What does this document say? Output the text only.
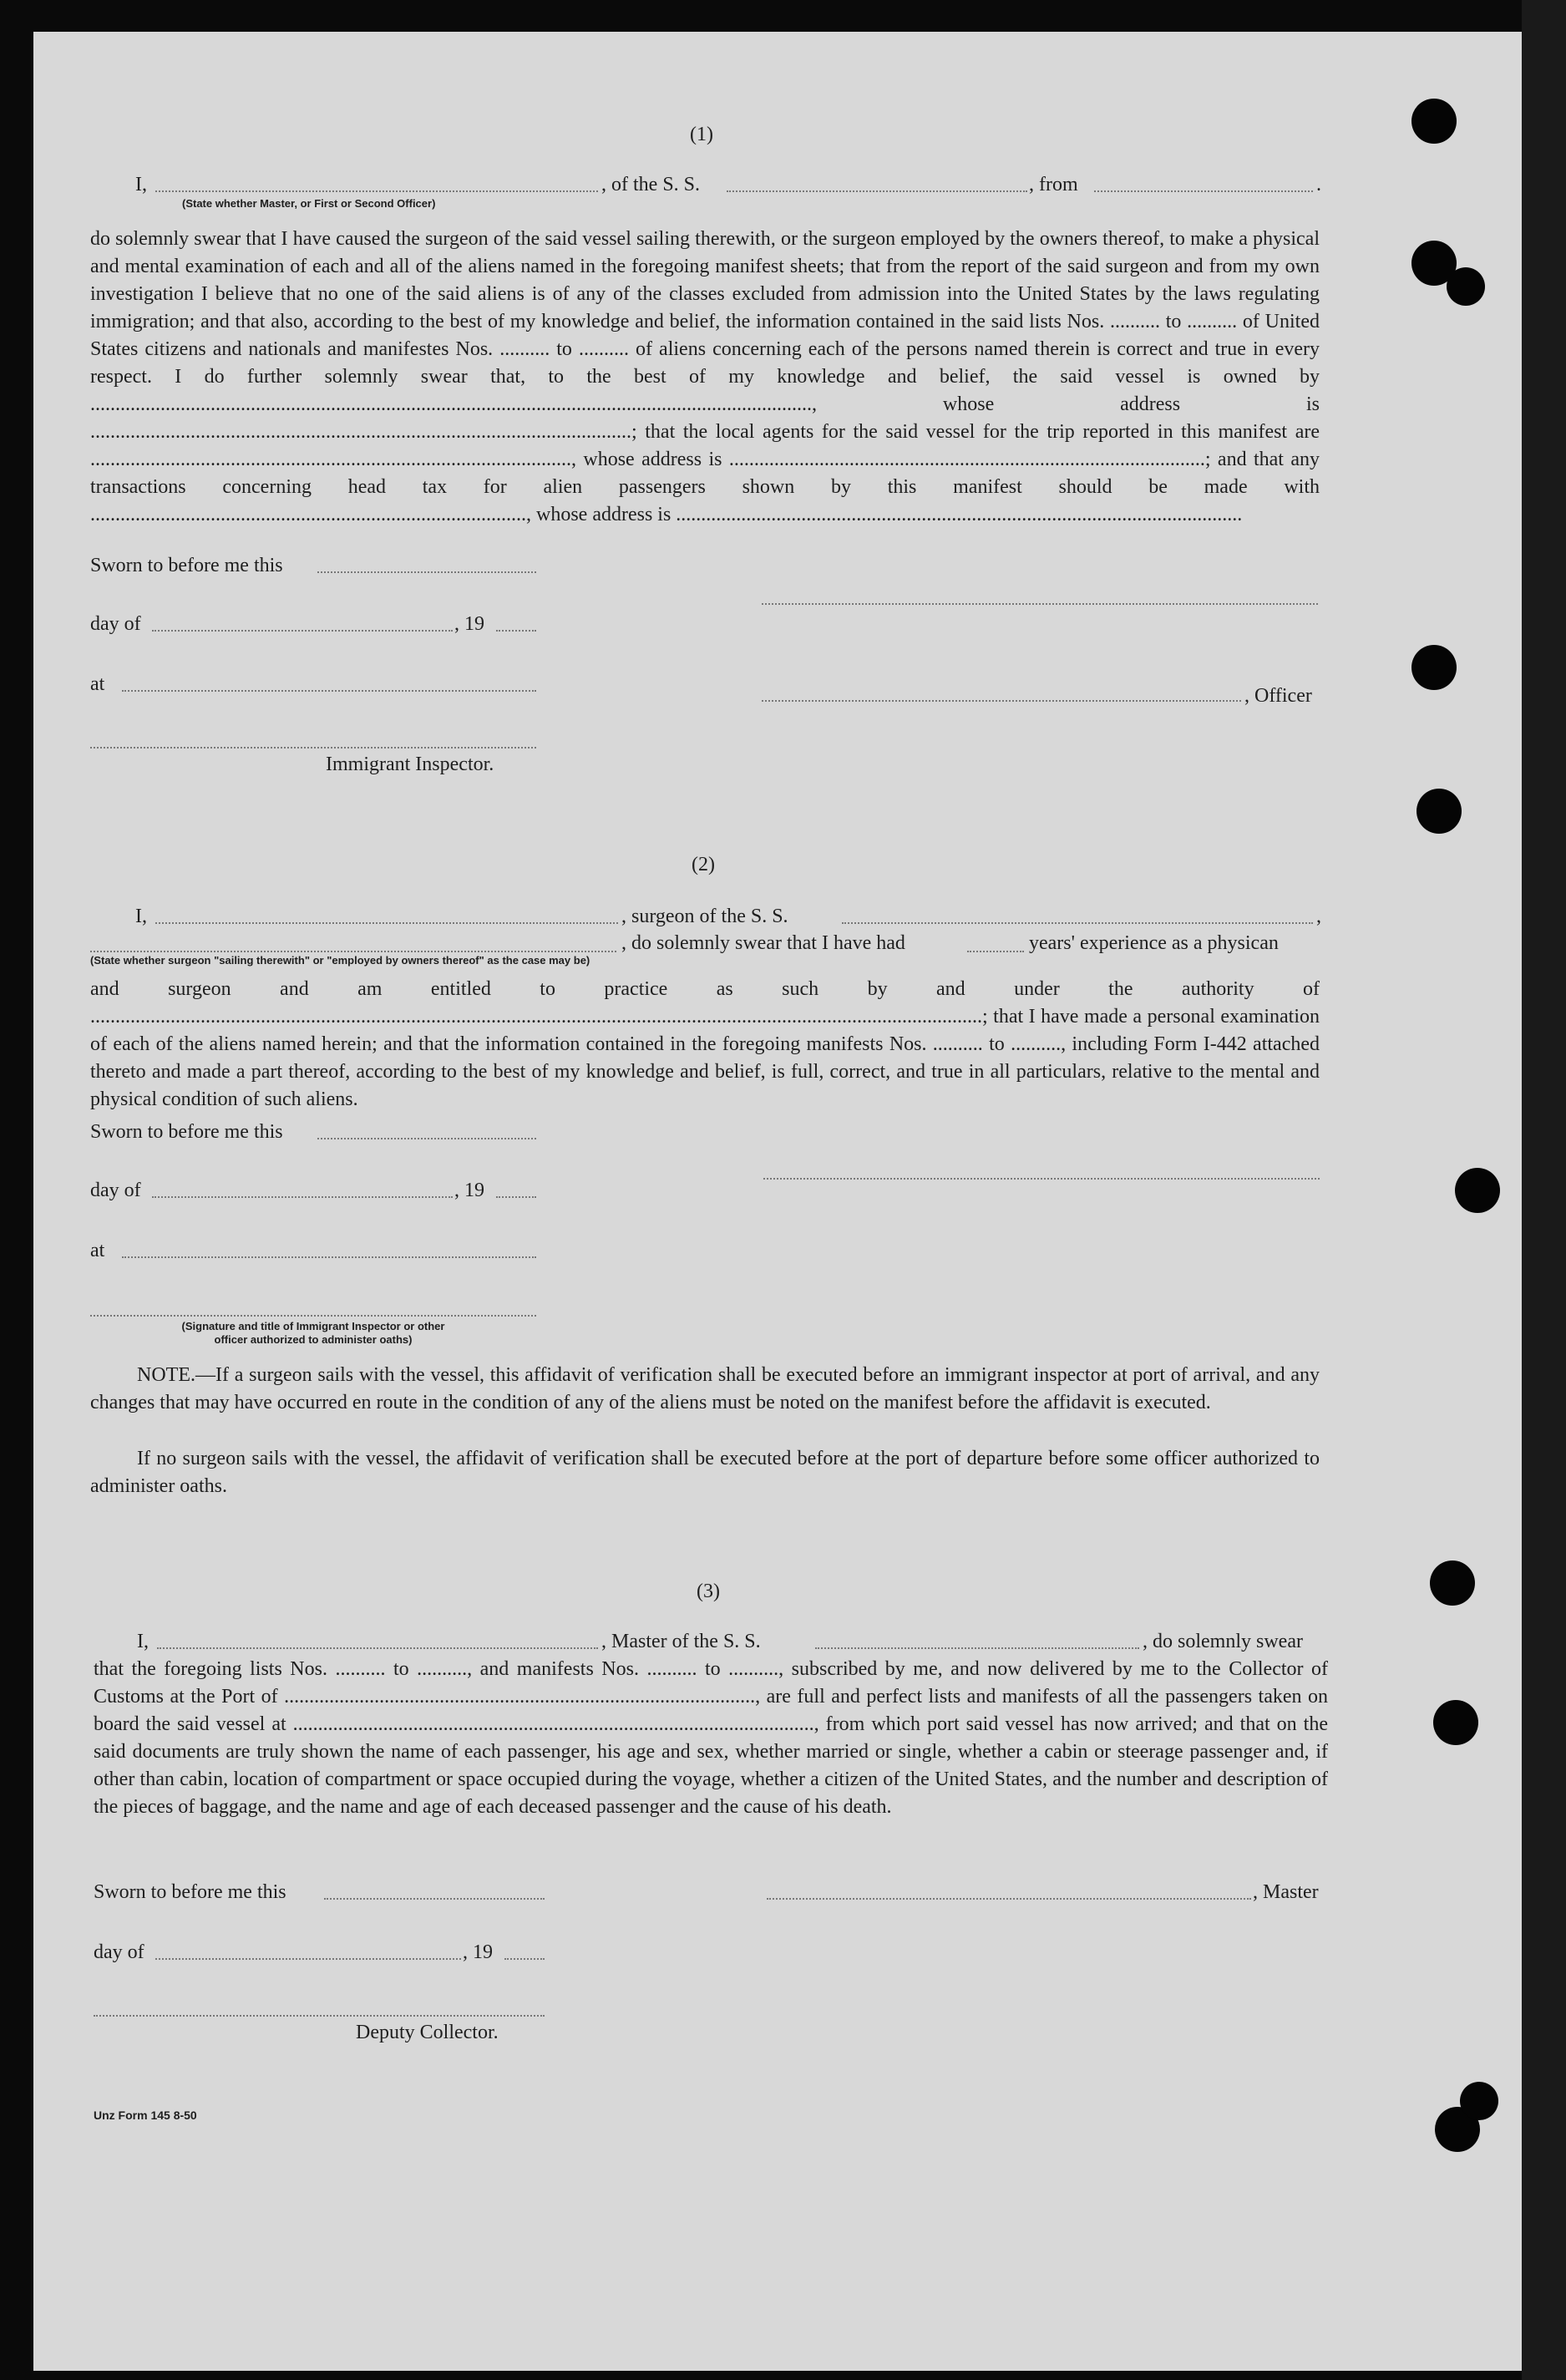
(1)
I,	, of the S. S.	, from	.
(State whether Master, or First or Second Officer)
do solemnly swear that I have caused the surgeon of the said vessel sailing therewith, or the surgeon employed by the owners thereof, to make a physical and mental examination of each and all of the aliens named in the foregoing manifest sheets; that from the report of the said surgeon and from my own investigation I believe that no one of the said aliens is of any of the classes excluded from admission into the United States by the laws regulating immigration; and that also, according to the best of my knowledge and belief, the information contained in the said lists Nos. .......... to .......... of United States citizens and nationals and manifestes Nos. .......... to .......... of aliens concerning each of the persons named therein is correct and true in every respect. I do further solemnly swear that, to the best of my knowledge and belief, the said vessel is owned by ................................................................................................................................................, whose address is ............................................................................................................; that the local agents for the said vessel for the trip reported in this manifest are ................................................................................................, whose address is ...............................................................................................; and that any transactions concerning head tax for alien passengers shown by this manifest should be made with ......................................................................................., whose address is .................................................................................................................
Sworn to before me this
day of	, 19
at
, Officer
Immigrant Inspector.
(2)
I,	, surgeon of the S. S.	,
, do solemnly swear that I have had	years' experience as a physican
(State whether surgeon "sailing therewith" or "employed by owners thereof" as the case may be)
and surgeon and am entitled to practice as such by and under the authority of ..................................................................................................................................................................................; that I have made a personal examination of each of the aliens named herein; and that the information contained in the foregoing manifests Nos. .......... to .........., including Form I-442 attached thereto and made a part thereof, according to the best of my knowledge and belief, is full, correct, and true in all particulars, relative to the mental and physical condition of such aliens.
Sworn to before me this
day of	, 19
at
(Signature and title of Immigrant Inspector or other
officer authorized to administer oaths)
NOTE.—If a surgeon sails with the vessel, this affidavit of verification shall be executed before an immigrant inspector at port of arrival, and any changes that may have occurred en route in the condition of any of the aliens must be noted on the manifest before the affidavit is executed.
If no surgeon sails with the vessel, the affidavit of verification shall be executed before at the port of departure before some officer authorized to administer oaths.
(3)
I,	, Master of the S. S.	, do solemnly swear
that the foregoing lists Nos. .......... to .........., and manifests Nos. .......... to .........., subscribed by me, and now delivered by me to the Collector of Customs at the Port of .............................................................................................., are full and perfect lists and manifests of all the passengers taken on board the said vessel at ........................................................................................................, from which port said vessel has now arrived; and that on the said documents are truly shown the name of each passenger, his age and sex, whether married or single, whether a cabin or steerage passenger and, if other than cabin, location of compartment or space occupied during the voyage, whether a citizen of the United States, and the number and description of the pieces of baggage, and the name and age of each deceased passenger and the cause of his death.
Sworn to before me this	, Master
day of	, 19
Deputy Collector.
Unz Form 145 8-50
